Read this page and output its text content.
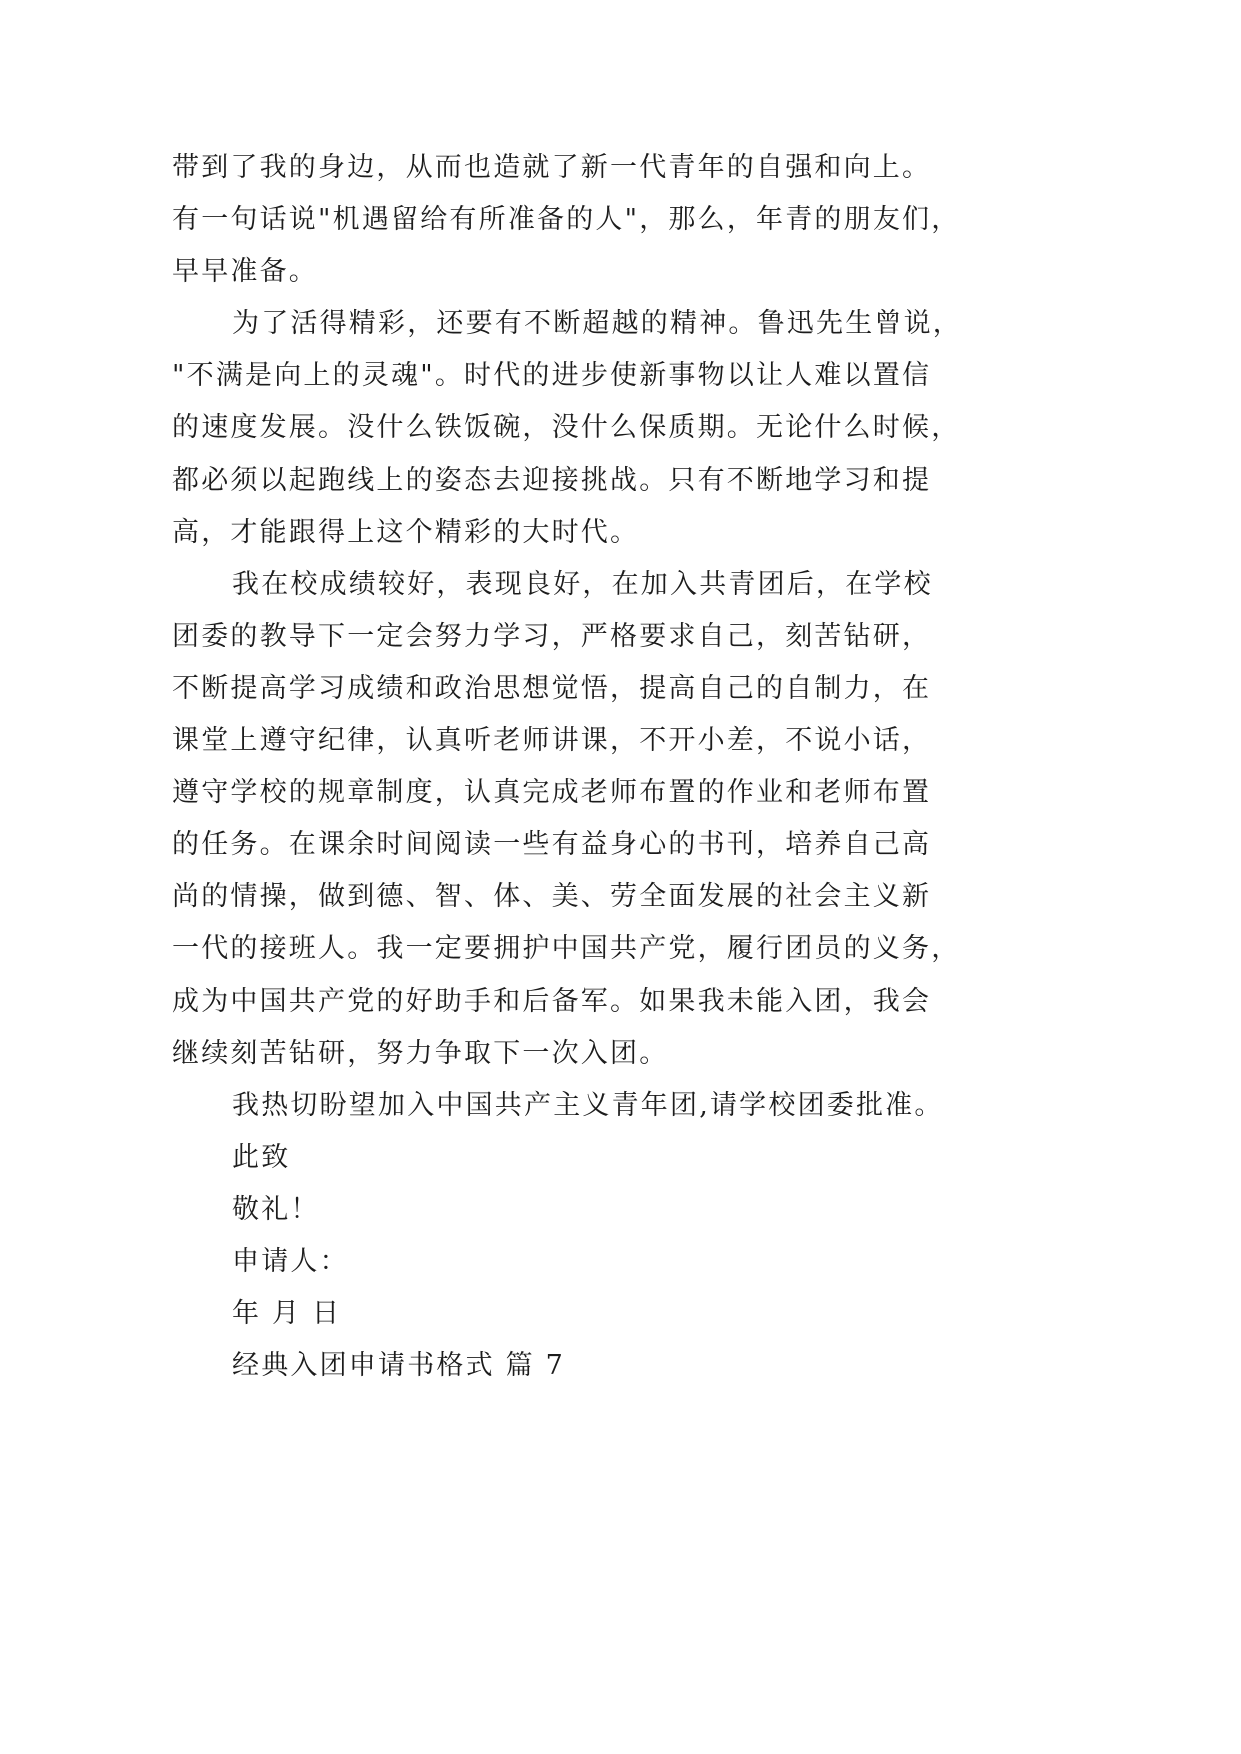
带到了我的身边，从而也造就了新一代青年的自强和向上。
有一句话说"机遇留给有所准备的人"，那么，年青的朋友们，
早早准备。
为了活得精彩，还要有不断超越的精神。鲁迅先生曾说，
"不满是向上的灵魂"。时代的进步使新事物以让人难以置信
的速度发展。没什么铁饭碗，没什么保质期。无论什么时候，
都必须以起跑线上的姿态去迎接挑战。只有不断地学习和提
高，才能跟得上这个精彩的大时代。
我在校成绩较好，表现良好，在加入共青团后，在学校
团委的教导下一定会努力学习，严格要求自己，刻苦钻研，
不断提高学习成绩和政治思想觉悟，提高自己的自制力，在
课堂上遵守纪律，认真听老师讲课，不开小差，不说小话，
遵守学校的规章制度，认真完成老师布置的作业和老师布置
的任务。在课余时间阅读一些有益身心的书刊，培养自己高
尚的情操，做到德、智、体、美、劳全面发展的社会主义新
一代的接班人。我一定要拥护中国共产党，履行团员的义务，
成为中国共产党的好助手和后备军。如果我未能入团，我会
继续刻苦钻研，努力争取下一次入团。
我热切盼望加入中国共产主义青年团,请学校团委批准。
此致
敬礼！
申请人：
年 月 日
经典入团申请书格式 篇 7
